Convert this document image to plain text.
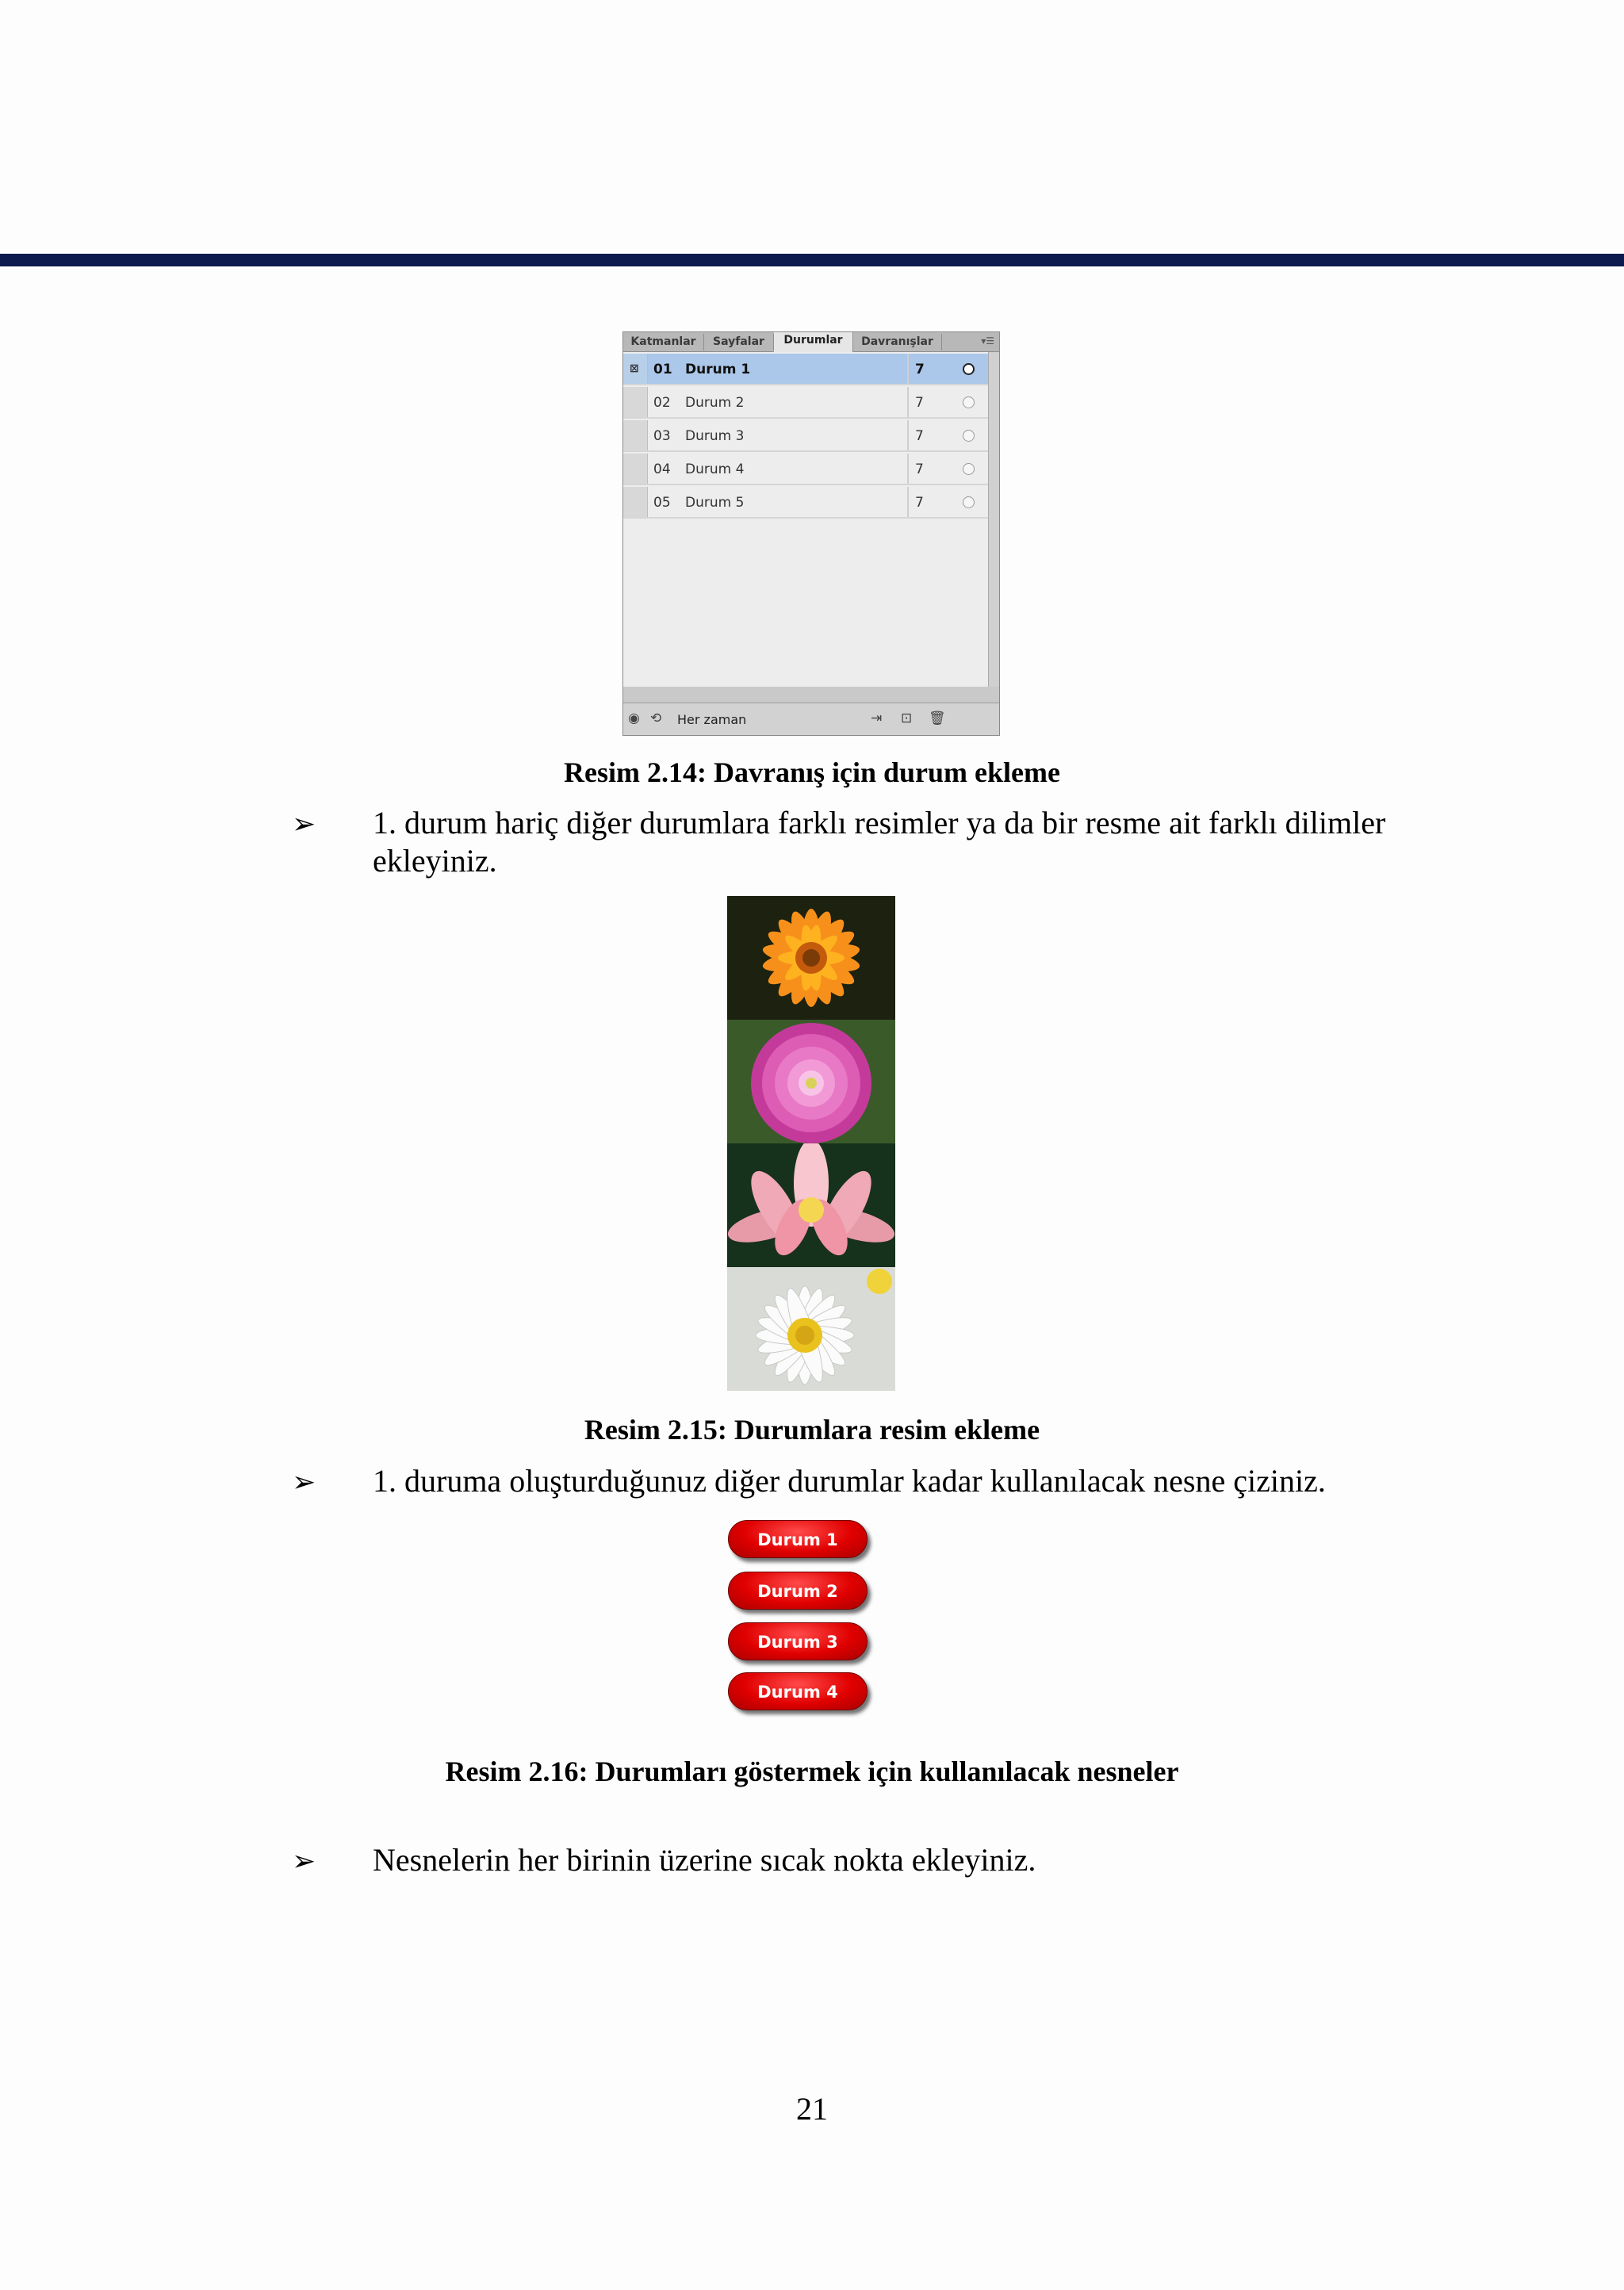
Katmanlar	Sayfalar	Durumlar	Davranışlar	▾☰
⊠ 01 Durum 1	7
02 Durum 2	7
03 Durum 3	7
04 Durum 4	7
05 Durum 5	7
◉ ⟲ Her zaman	⇥ ⊡ 🗑
Resim 2.14: Davranış için durum ekleme
➢ 1. durum hariç diğer durumlara farklı resimler ya da bir resme ait farklı dilimler ekleyiniz.
Resim 2.15: Durumlara resim ekleme
➢ 1. duruma oluşturduğunuz diğer durumlar kadar kullanılacak nesne çiziniz.
Durum 1
Durum 2
Durum 3
Durum 4
Resim 2.16: Durumları göstermek için kullanılacak nesneler
➢ Nesnelerin her birinin üzerine sıcak nokta ekleyiniz.
21
